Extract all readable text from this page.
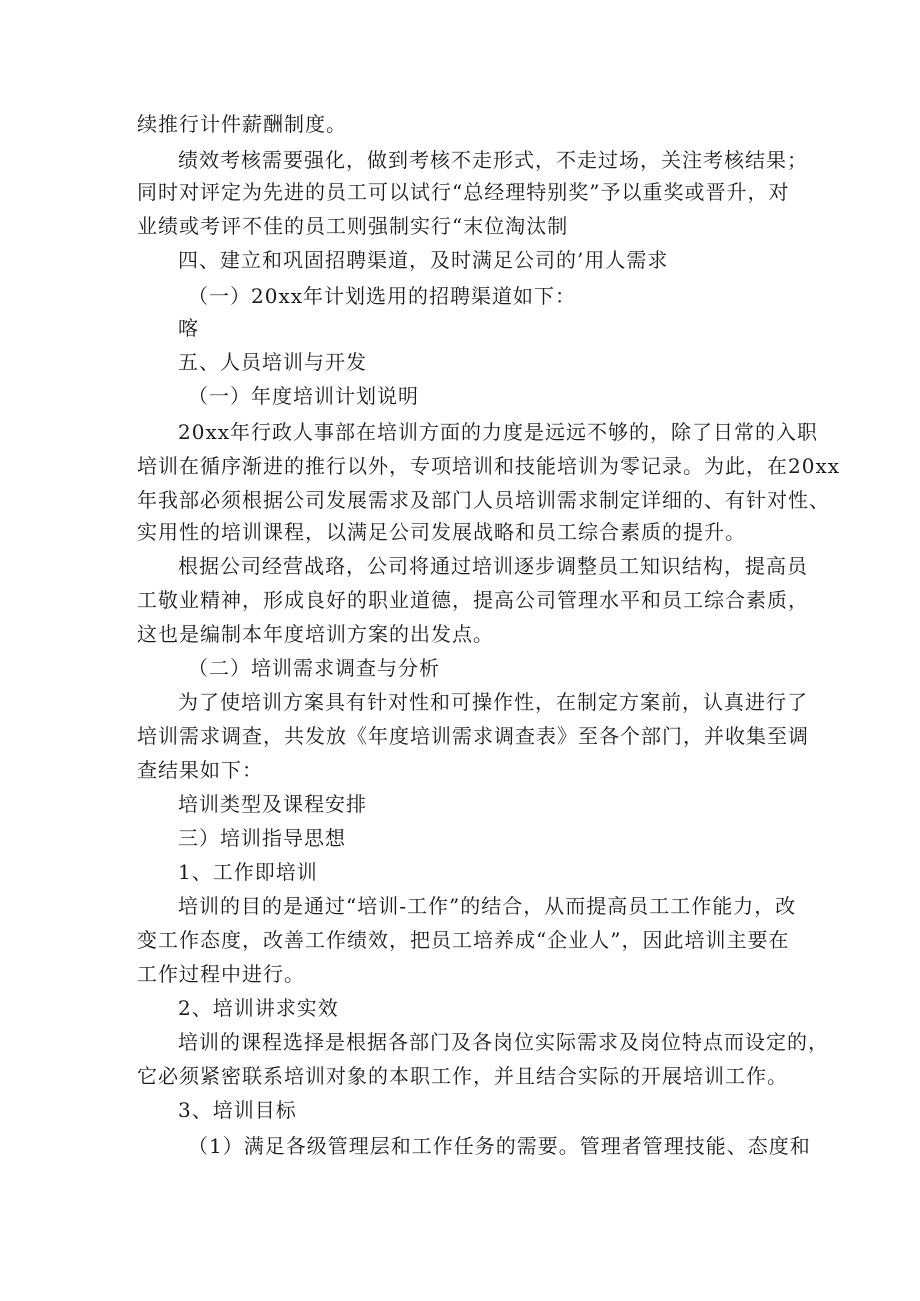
续推行计件薪酬制度。
绩效考核需要强化，做到考核不走形式，不走过场，关注考核结果；
同时对评定为先进的员工可以试行“总经理特别奖”予以重奖或晋升，对
业绩或考评不佳的员工则强制实行“末位淘汰制
四、建立和巩固招聘渠道，及时满足公司的’用人需求
（一）20xx年计划选用的招聘渠道如下：
喀
五、人员培训与开发
（一）年度培训计划说明
20xx年行政人事部在培训方面的力度是远远不够的，除了日常的入职
培训在循序渐进的推行以外，专项培训和技能培训为零记录。为此，在20xx
年我部必须根据公司发展需求及部门人员培训需求制定详细的、有针对性、
实用性的培训课程，以满足公司发展战略和员工综合素质的提升。
根据公司经营战珞，公司将通过培训逐步调整员工知识结构，提高员
工敬业精神，形成良好的职业道德，提高公司管理水平和员工综合素质，
这也是编制本年度培训方案的出发点。
（二）培训需求调查与分析
为了使培训方案具有针对性和可操作性，在制定方案前，认真进行了
培训需求调查，共发放《年度培训需求调查表》至各个部门，并收集至调
查结果如下：
培训类型及课程安排
三）培训指导思想
1、工作即培训
培训的目的是通过“培训-工作”的结合，从而提高员工工作能力，改
变工作态度，改善工作绩效，把员工培养成“企业人”，因此培训主要在
工作过程中进行。
2、培训讲求实效
培训的课程选择是根据各部门及各岗位实际需求及岗位特点而设定的，
它必须紧密联系培训对象的本职工作，并且结合实际的开展培训工作。
3、培训目标
（1）满足各级管理层和工作任务的需要。管理者管理技能、态度和
